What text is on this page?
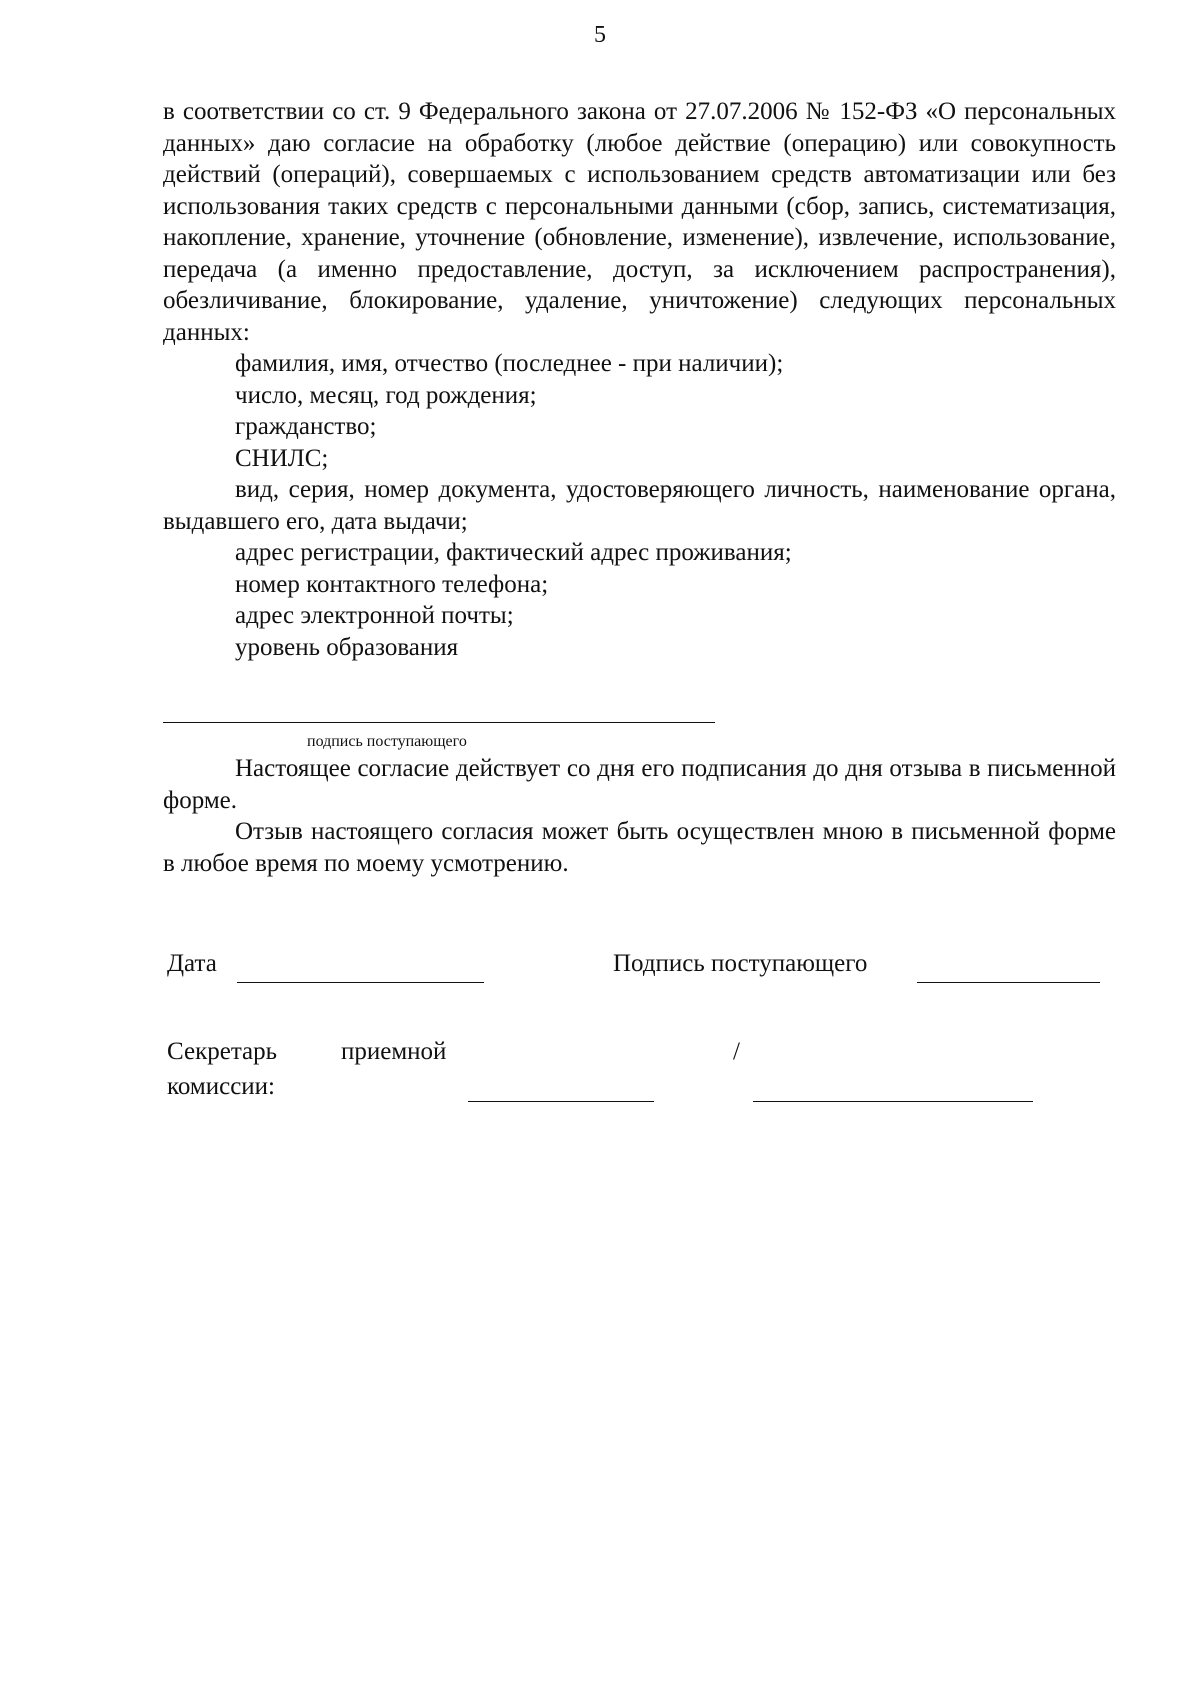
5

в соответствии со ст. 9 Федерального закона от 27.07.2006 № 152-ФЗ «О персональных данных» даю согласие на обработку (любое действие (операцию) или совокупность действий (операций), совершаемых с использованием средств автоматизации или без использования таких средств с персональными данными (сбор, запись, систематизация, накопление, хранение, уточнение (обновление, изменение), извлечение, использование, передача (а именно предоставление, доступ, за исключением распространения), обезличивание, блокирование, удаление, уничтожение) следующих персональных данных:

фамилия, имя, отчество (последнее - при наличии);

число, месяц, год рождения;

гражданство;

СНИЛС;

вид, серия, номер документа, удостоверяющего личность, наименование органа, выдавшего его, дата выдачи;

адрес регистрации, фактический адрес проживания;

номер контактного телефона;

адрес электронной почты;

уровень образования

подпись поступающего

Настоящее согласие действует со дня его подписания до дня отзыва в письменной форме.

Отзыв настоящего согласия может быть осуществлен мною в письменной форме в любое время по моему усмотрению.

Дата	Подпись поступающего
Секретарь	приемной
комиссии:
/
